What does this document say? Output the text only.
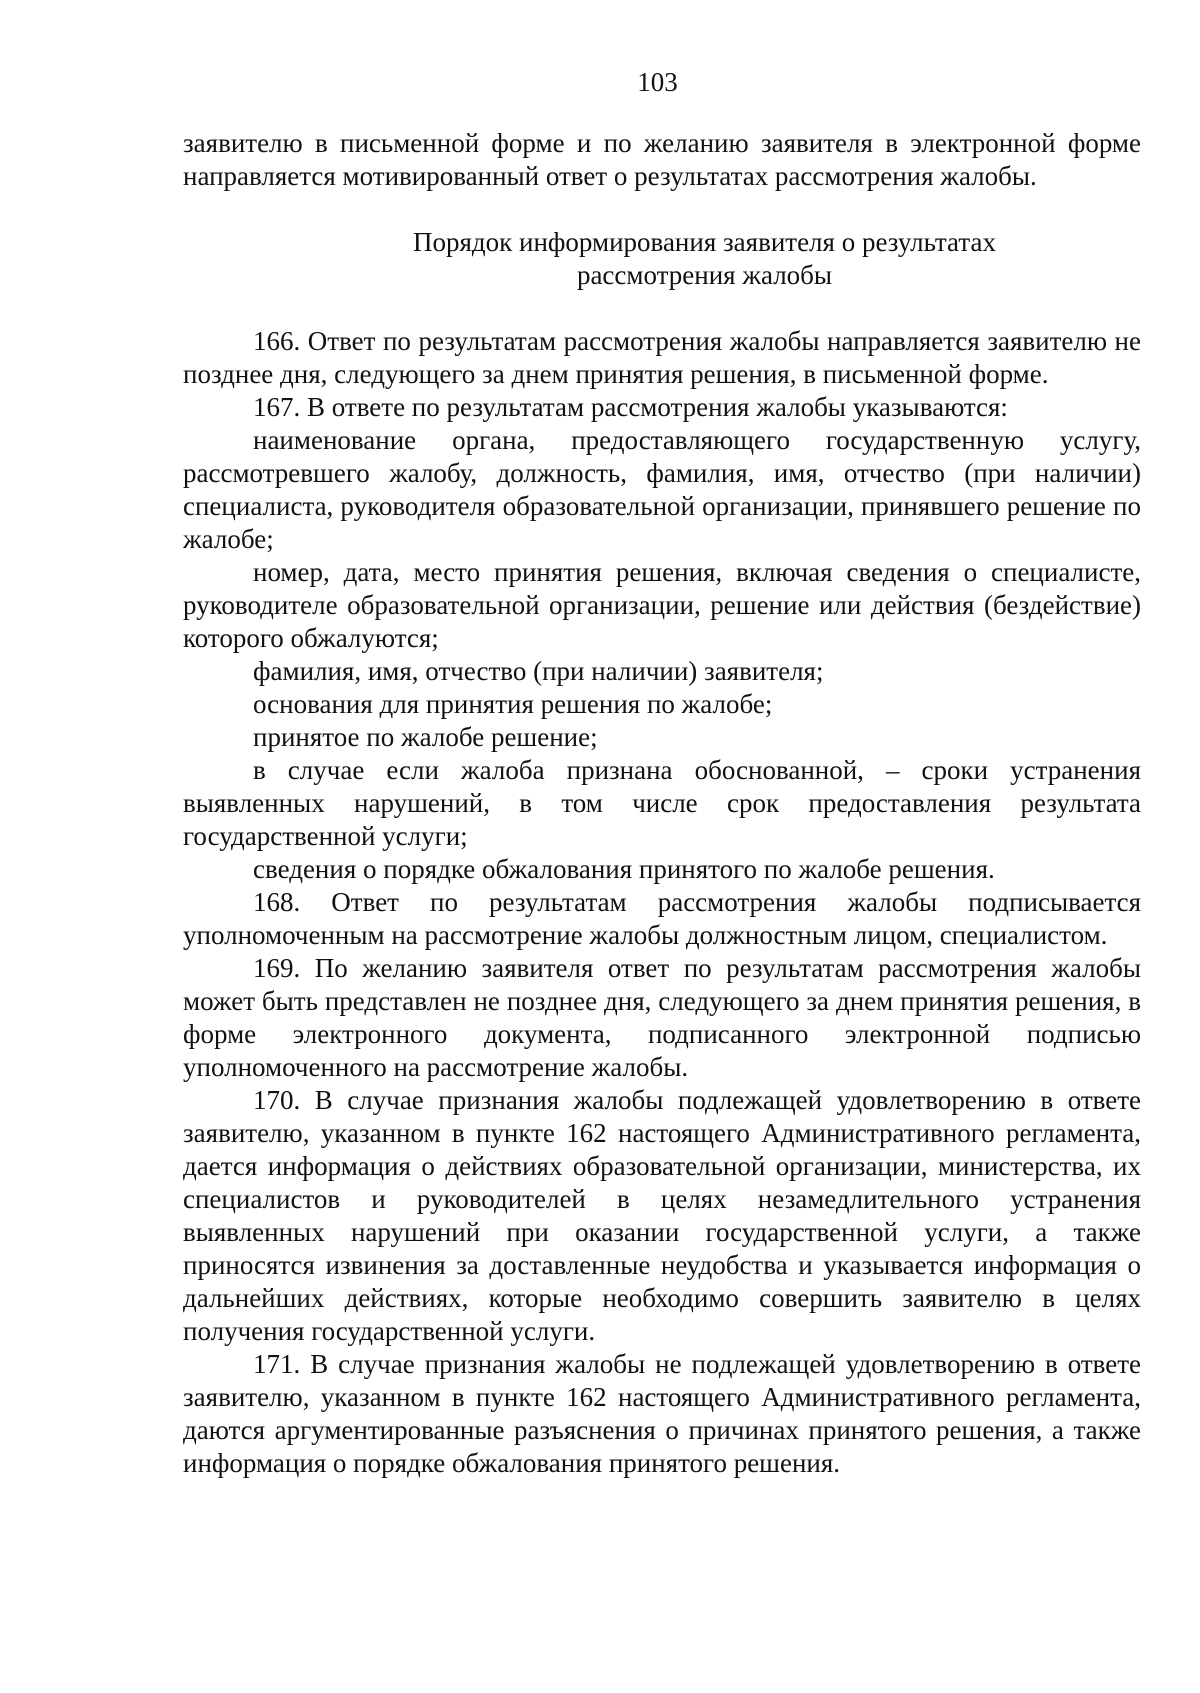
103

заявителю в письменной форме и по желанию заявителя в электронной форме направляется мотивированный ответ о результатах рассмотрения жалобы.

Порядок информирования заявителя о результатах
рассмотрения жалобы

166. Ответ по результатам рассмотрения жалобы направляется заявителю не позднее дня, следующего за днем принятия решения, в письменной форме.

167. В ответе по результатам рассмотрения жалобы указываются:

наименование органа, предоставляющего государственную услугу, рассмотревшего жалобу, должность, фамилия, имя, отчество (при наличии) специалиста, руководителя образовательной организации, принявшего решение по жалобе;

номер, дата, место принятия решения, включая сведения о специалисте, руководителе образовательной организации, решение или действия (бездействие) которого обжалуются;

фамилия, имя, отчество (при наличии) заявителя;

основания для принятия решения по жалобе;

принятое по жалобе решение;

в случае если жалоба признана обоснованной, – сроки устранения выявленных нарушений, в том числе срок предоставления результата государственной услуги;

сведения о порядке обжалования принятого по жалобе решения.

168. Ответ по результатам рассмотрения жалобы подписывается уполномоченным на рассмотрение жалобы должностным лицом, специалистом.

169. По желанию заявителя ответ по результатам рассмотрения жалобы может быть представлен не позднее дня, следующего за днем принятия решения, в форме электронного документа, подписанного электронной подписью уполномоченного на рассмотрение жалобы.

170. В случае признания жалобы подлежащей удовлетворению в ответе заявителю, указанном в пункте 162 настоящего Административного регламента, дается информация о действиях образовательной организации, министерства, их специалистов и руководителей в целях незамедлительного устранения выявленных нарушений при оказании государственной услуги, а также приносятся извинения за доставленные неудобства и указывается информация о дальнейших действиях, которые необходимо совершить заявителю в целях получения государственной услуги.

171. В случае признания жалобы не подлежащей удовлетворению в ответе заявителю, указанном в пункте 162 настоящего Административного регламента, даются аргументированные разъяснения о причинах принятого решения, а также информация о порядке обжалования принятого решения.
